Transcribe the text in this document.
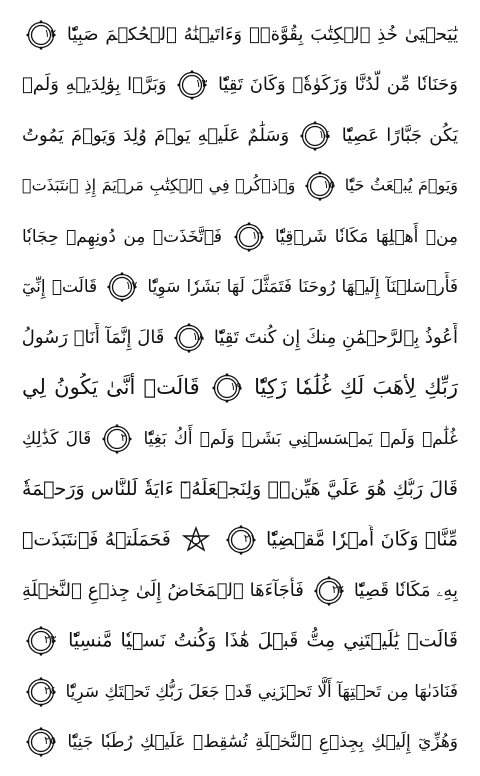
يَٰيَحۡيَىٰ خُذِ ٱلۡكِتَٰبَ بِقُوَّةٖۖ وَءَاتَيۡنَٰهُ ٱلۡحُكۡمَ صَبِيّٗا
١٢
وَحَنَانٗا مِّن لَّدُنَّا وَزَكَوٰةٗۖ وَكَانَ تَقِيّٗا
١٣
وَبَرَّۢا بِوَٰلِدَيۡهِ وَلَمۡ
يَكُن جَبَّارًا عَصِيّٗا
١٤
وَسَلَٰمٌ عَلَيۡهِ يَوۡمَ وُلِدَ وَيَوۡمَ يَمُوتُ
وَيَوۡمَ يُبۡعَثُ حَيّٗا
١٥
وَٱذۡكُرۡ فِي ٱلۡكِتَٰبِ مَرۡيَمَ إِذِ ٱنتَبَذَتۡ
مِنۡ أَهۡلِهَا مَكَانٗا شَرۡقِيّٗا
١٦
فَٱتَّخَذَتۡ مِن دُونِهِمۡ حِجَابٗا
فَأَرۡسَلۡنَآ إِلَيۡهَا رُوحَنَا فَتَمَثَّلَ لَهَا بَشَرٗا سَوِيّٗا
١٧
قَالَتۡ إِنِّيٓ
أَعُوذُ بِٱلرَّحۡمَٰنِ مِنكَ إِن كُنتَ تَقِيّٗا
١٨
قَالَ إِنَّمَآ أَنَا۠ رَسُولُ
رَبِّكِ لِأَهَبَ لَكِ غُلَٰمٗا زَكِيّٗا
١٩
قَالَتۡ أَنَّىٰ يَكُونُ لِي
غُلَٰمٞ وَلَمۡ يَمۡسَسۡنِي بَشَرٞ وَلَمۡ أَكُ بَغِيّٗا
٢٠
قَالَ كَذَٰلِكِ
قَالَ رَبُّكِ هُوَ عَلَيَّ هَيِّنٞۖ وَلِنَجۡعَلَهُۥٓ ءَايَةٗ لِّلنَّاسِ وَرَحۡمَةٗ
مِّنَّاۚ وَكَانَ أَمۡرٗا مَّقۡضِيّٗا
٢١

فَحَمَلَتۡهُ فَٱنتَبَذَتۡ
بِهِۦ مَكَانٗا قَصِيّٗا
٢٢
فَأَجَآءَهَا ٱلۡمَخَاضُ إِلَىٰ جِذۡعِ ٱلنَّخۡلَةِ
قَالَتۡ يَٰلَيۡتَنِي مِتُّ قَبۡلَ هَٰذَا وَكُنتُ نَسۡيٗا مَّنسِيّٗا
٢٣
فَنَادَىٰهَا مِن تَحۡتِهَآ أَلَّا تَحۡزَنِي قَدۡ جَعَلَ رَبُّكِ تَحۡتَكِ سَرِيّٗا
٢٤
وَهُزِّيٓ إِلَيۡكِ بِجِذۡعِ ٱلنَّخۡلَةِ تُسَٰقِطۡ عَلَيۡكِ رُطَبٗا جَنِيّٗا
٢٥
